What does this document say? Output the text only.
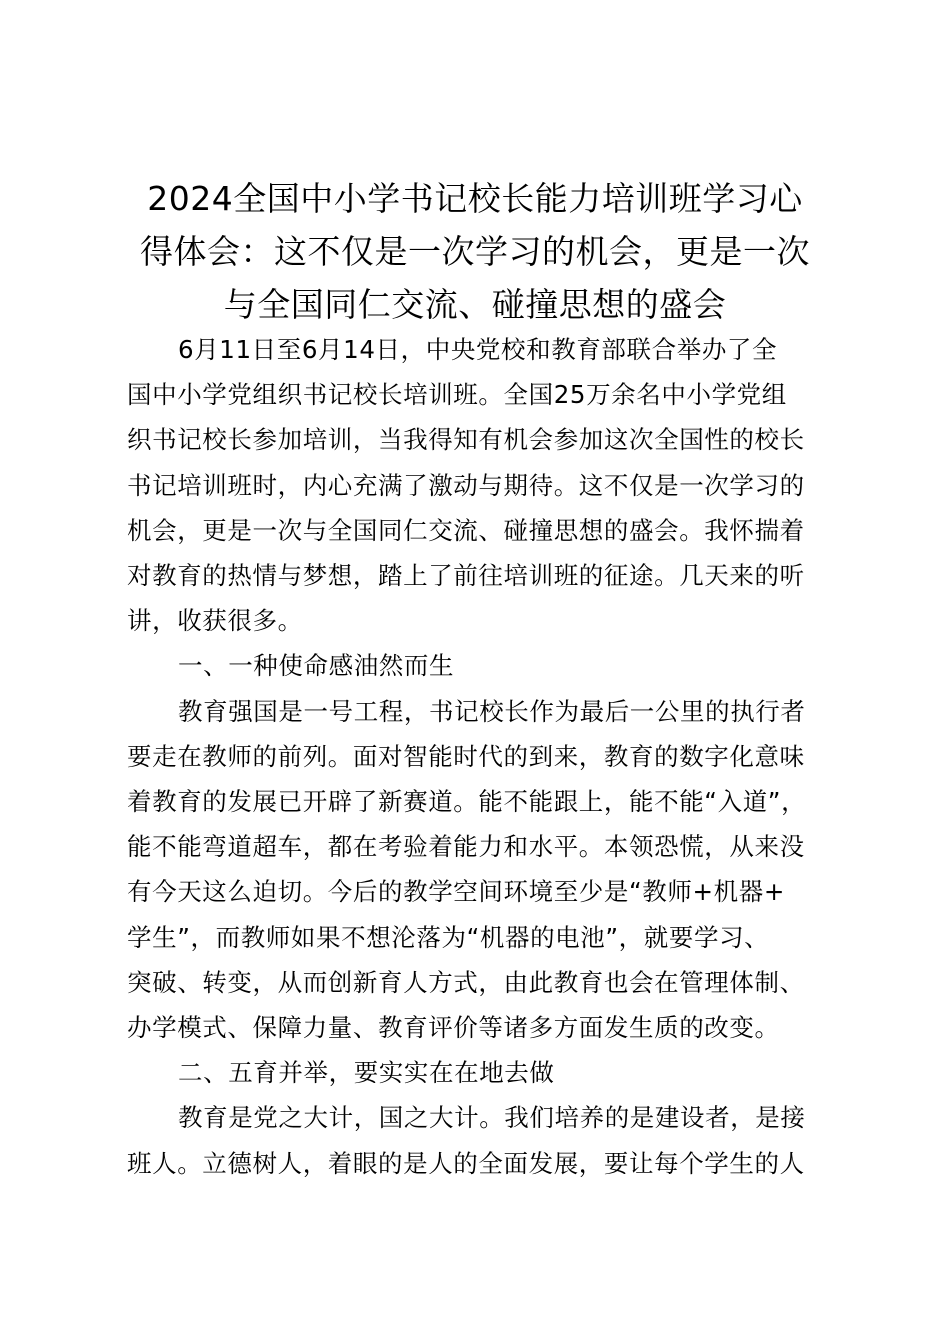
2024全国中小学书记校长能力培训班学习心
得体会：这不仅是一次学习的机会，更是一次
与全国同仁交流、碰撞思想的盛会

6月11日至6月14日，中央党校和教育部联合举办了全
国中小学党组织书记校长培训班。全国25万余名中小学党组
织书记校长参加培训，当我得知有机会参加这次全国性的校长
书记培训班时，内心充满了激动与期待。这不仅是一次学习的
机会，更是一次与全国同仁交流、碰撞思想的盛会。我怀揣着
对教育的热情与梦想，踏上了前往培训班的征途。几天来的听
讲，收获很多。

一、一种使命感油然而生

教育强国是一号工程，书记校长作为最后一公里的执行者
要走在教师的前列。面对智能时代的到来，教育的数字化意味
着教育的发展已开辟了新赛道。能不能跟上，能不能“入道”，
能不能弯道超车，都在考验着能力和水平。本领恐慌，从来没
有今天这么迫切。今后的教学空间环境至少是“教师+机器+
学生”，而教师如果不想沦落为“机器的电池”，就要学习、
突破、转变，从而创新育人方式，由此教育也会在管理体制、
办学模式、保障力量、教育评价等诸多方面发生质的改变。

二、五育并举，要实实在在地去做

教育是党之大计，国之大计。我们培养的是建设者，是接
班人。立德树人，着眼的是人的全面发展，要让每个学生的人
